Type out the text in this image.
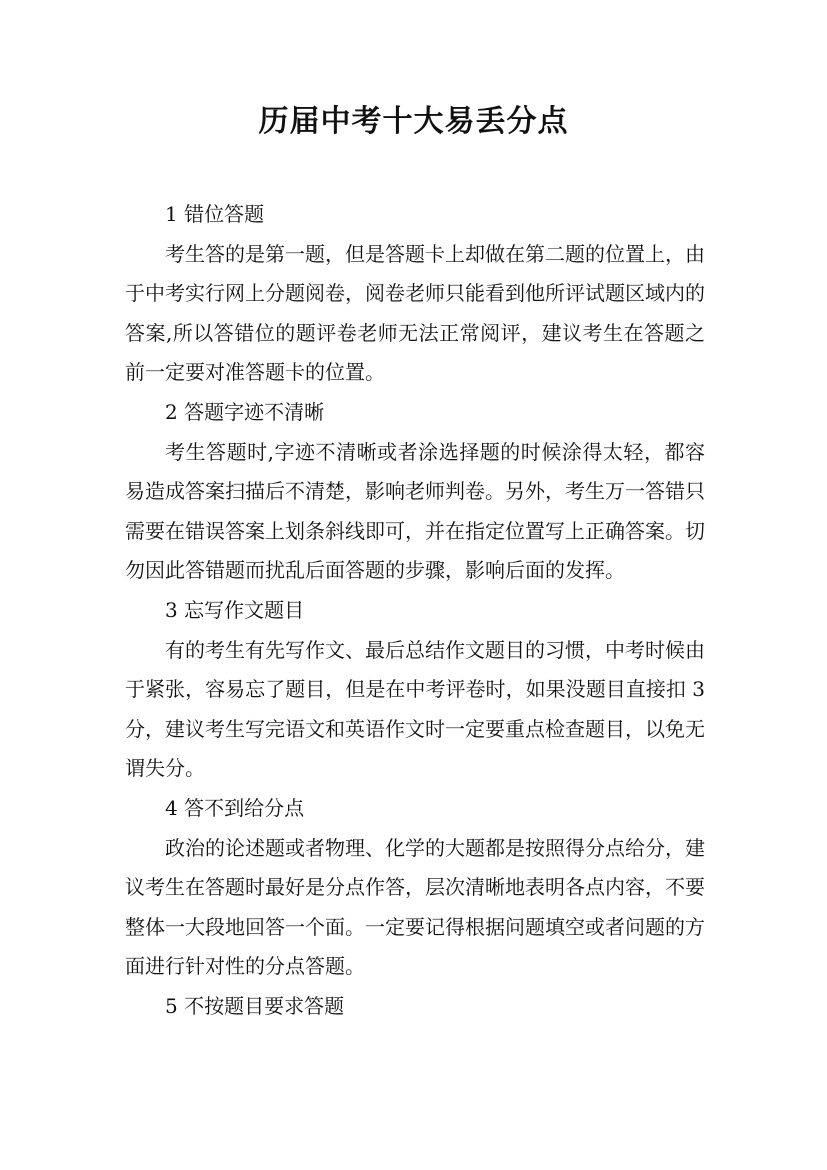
历届中考十大易丢分点

1 错位答题

考生答的是第一题，但是答题卡上却做在第二题的位置上，由于中考实行网上分题阅卷，阅卷老师只能看到他所评试题区域内的答案,所以答错位的题评卷老师无法正常阅评，建议考生在答题之前一定要对准答题卡的位置。

2 答题字迹不清晰

考生答题时,字迹不清晰或者涂选择题的时候涂得太轻，都容易造成答案扫描后不清楚，影响老师判卷。另外，考生万一答错只需要在错误答案上划条斜线即可，并在指定位置写上正确答案。切勿因此答错题而扰乱后面答题的步骤，影响后面的发挥。

3 忘写作文题目

有的考生有先写作文、最后总结作文题目的习惯，中考时候由于紧张，容易忘了题目，但是在中考评卷时，如果没题目直接扣 3 分，建议考生写完语文和英语作文时一定要重点检查题目，以免无谓失分。

4 答不到给分点

政治的论述题或者物理、化学的大题都是按照得分点给分，建议考生在答题时最好是分点作答，层次清晰地表明各点内容，不要整体一大段地回答一个面。一定要记得根据问题填空或者问题的方面进行针对性的分点答题。

5 不按题目要求答题
